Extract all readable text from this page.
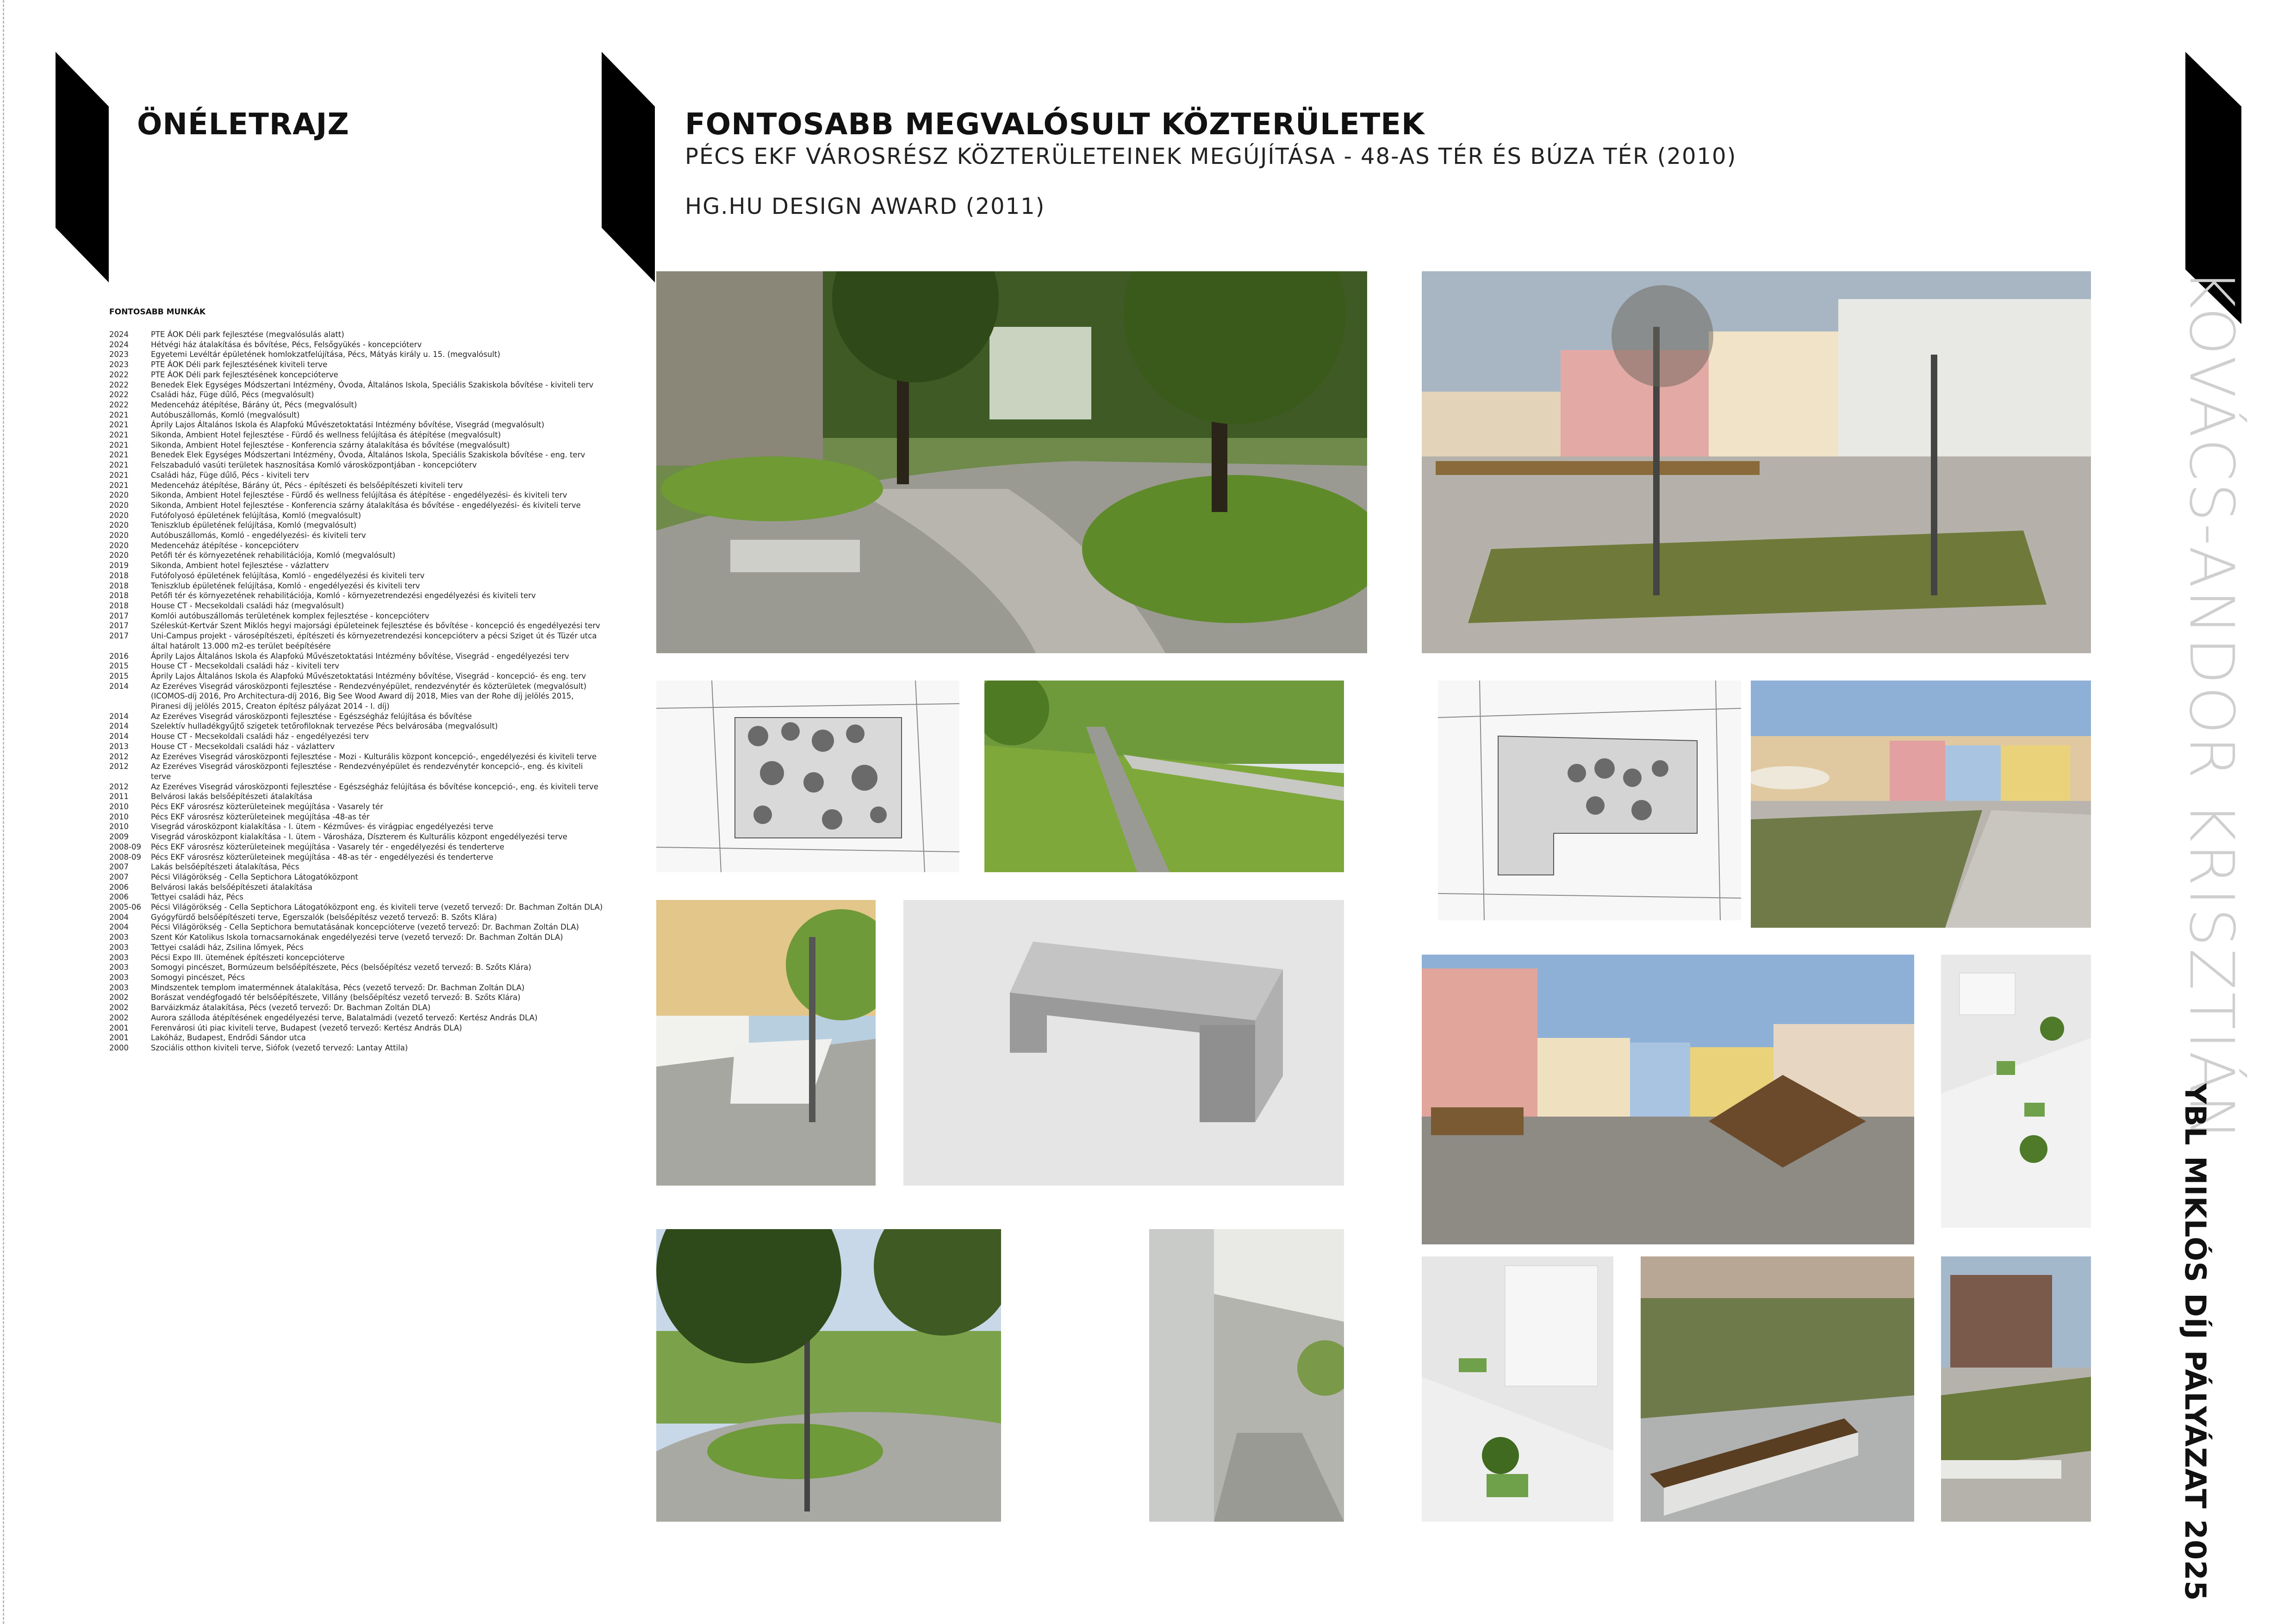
ÖNÉLETRAJZ
FONTOSABB MUNKÁK
2024	PTE ÁOK Déli park fejlesztése (megvalósulás alatt)
2024	Hétvégi ház átalakítása és bővítése, Pécs, Felsőgyükés - koncepcióterv
2023	Egyetemi Levéltár épületének homlokzatfelújítása, Pécs, Mátyás király u. 15. (megvalósult)
2023	PTE ÁOK Déli park fejlesztésének kiviteli terve
2022	PTE ÁOK Déli park fejlesztésének koncepcióterve
2022	Benedek Elek Egységes Módszertani Intézmény, Óvoda, Általános Iskola, Speciális Szakiskola bővítése - kiviteli terv
2022	Családi ház, Füge dűlő, Pécs (megvalósult)
2022	Medencehάz átépítése, Bárány út, Pécs (megvalósult)
2021	Autóbuszállomás, Komló (megvalósult)
2021	Áprily Lajos Általános Iskola és Alapfokú Művészetoktatási Intézmény bővítése, Visegrád (megvalósult)
2021	Sikonda, Ambient Hotel fejlesztése - Fürdő és wellness felújítása és átépítése (megvalósult)
2021	Sikonda, Ambient Hotel fejlesztése - Konferencia szárny átalakítása és bővítése (megvalósult)
2021	Benedek Elek Egységes Módszertani Intézmény, Óvoda, Általános Iskola, Speciális Szakiskola bővítése - eng. terv
2021	Felszabaduló vasúti területek hasznosítása Komló városközpontjában - koncepcióterv
2021	Családi ház, Füge dűlő, Pécs - kiviteli terv
2021	Medencehάz átépítése, Bárány út, Pécs - építészeti és belsőépítészeti kiviteli terv
2020	Sikonda, Ambient Hotel fejlesztése - Fürdő és wellness felújítása és átépítése - engedélyezési- és kiviteli terv
2020	Sikonda, Ambient Hotel fejlesztése - Konferencia szárny átalakítása és bővítése - engedélyezési- és kiviteli terve
2020	Futófolyosó épületének felújítása, Komló (megvalósult)
2020	Teniszklub épületének felújítása, Komló (megvalósult)
2020	Autóbuszállomás, Komló - engedélyezési- és kiviteli terv
2020	Medencehάz átépítése - koncepcióterv
2020	Petőfi tér és környezetének rehabilitációja, Komló (megvalósult)
2019	Sikonda, Ambient hotel fejlesztése - vázlatterv
2018	Futófolyosó épületének felújítása, Komló - engedélyezési és kiviteli terv
2018	Teniszklub épületének felújítása, Komló - engedélyezési és kiviteli terv
2018	Petőfi tér és környezetének rehabilitációja, Komló - környezetrendezési engedélyezési és kiviteli terv
2018	House CT - Mecsekoldali családi ház (megvalósult)
2017	Komlói autóbuszállomás területének komplex fejlesztése - koncepcióterv
2017	Széleskút-Kertvár Szent Miklós hegyi majorsági épületeinek fejlesztése és bővítése - koncepció és engedélyezési terv
2017	Uni-Campus projekt - városépítészeti, építészeti és környezetrendezési koncepcióterv a pécsi Sziget út és Tüzér utca által határolt 13.000 m2-es terület beépítésére
2016	Áprily Lajos Általános Iskola és Alapfokú Művészetoktatási Intézmény bővítése, Visegrád - engedélyezési terv
2015	House CT - Mecsekoldali családi ház - kiviteli terv
2015	Áprily Lajos Általános Iskola és Alapfokú Művészetoktatási Intézmény bővítése, Visegrád - koncepció- és eng. terv
2014	Az Ezeréves Visegrád városközponti fejlesztése - Rendezvényépület, rendezvénytér és közterületek (megvalósult)
(ICOMOS-díj 2016, Pro Architectura-díj 2016, Big See Wood Award díj 2018, Mies van der Rohe díj jelölés 2015, Piranesi díj jelölés 2015, Creaton építész pályázat 2014 - I. díj)
2014	Az Ezeréves Visegrád városközponti fejlesztése - Egészségház felújítása és bővítése
2014	Szelektív hulladékgyűjtő szigetek tetőrofiloknak tervezése Pécs belvárosába (megvalósult)
2014	House CT - Mecsekoldali családi ház - engedélyezési terv
2013	House CT - Mecsekoldali családi ház - vázlatterv
2012	Az Ezeréves Visegrád városközponti fejlesztése - Mozi - Kulturális központ koncepció-, engedélyezési és kiviteli terve
2012	Az Ezeréves Visegrád városközponti fejlesztése - Rendezvényépület és rendezvénytér koncepció-, eng. és kiviteli terve
2012	Az Ezeréves Visegrád városközponti fejlesztése - Egészségház felújítása és bővítése koncepció-, eng. és kiviteli terve
2011	Belvárosi lakás belsőépítészeti átalakítása
2010	Pécs EKF városrész közterületeinek megújítása - Vasarely tér
2010	Pécs EKF városrész közterületeinek megújítása -48-as tér
2010	Visegrád városközpont kialakítása - I. ütem - Kézműves- és virágpiac engedélyezési terve
2009	Visegrád városközpont kialakítása - I. ütem - Városháza, Díszterem és Kulturális központ engedélyezési terve
2008-09	Pécs EKF városrész közterületeinek megújítása - Vasarely tér - engedélyezési és tenderterve
2008-09	Pécs EKF városrész közterületeinek megújítása - 48-as tér - engedélyezési és tenderterve
2007	Lakás belsőépítészeti átalakítása, Pécs
2007	Pécsi Világörökség - Cella Septichora Látogatóközpont
2006	Belvárosi lakás belsőépítészeti átalakítása
2006	Tettyei családi ház, Pécs
2005-06	Pécsi Világörökség - Cella Septichora Látogatóközpont eng. és kiviteli terve (vezető tervező: Dr. Bachman Zoltán DLA)
2004	Gyógyfürdő belsőépítészeti terve, Egerszalók (belsőépítész vezető tervező: B. Szőts Klára)
2004	Pécsi Világörökség - Cella Septichora bemutatásának koncepcióterve (vezető tervező: Dr. Bachman Zoltán DLA)
2003	Szent Kór Katolikus Iskola tornacsarnokának engedélyezési terve (vezető tervező: Dr. Bachman Zoltán DLA)
2003	Tettyei családi ház, Zsilina lőmyek, Pécs
2003	Pécsi Expo III. ütemének építészeti koncepcióterve
2003	Somogyi pincészet, Bormúzeum belsőépítészete, Pécs (belsőépítész vezető tervező: B. Szőts Klára)
2003	Somogyi pincészet, Pécs
2003	Mindszentek templom imaterménnek átalakítása, Pécs (vezető tervező: Dr. Bachman Zoltán DLA)
2002	Borászat vendégfogadó tér belsőépítészete, Villány (belsőépítész vezető tervező: B. Szőts Klára)
2002	Barváizkmáz átalakítása, Pécs (vezető tervező: Dr. Bachman Zoltán DLA)
2002	Aurora szálloda átépítésének engedélyezési terve, Balatalmádi (vezető tervező: Kertész András DLA)
2001	Ferenvárosi úti piac kiviteli terve, Budapest (vezető tervező: Kertész András DLA)
2001	Lakóház, Budapest, Endrődi Sándor utca
2000	Szociális otthon kiviteli terve, Siófok (vezető tervező: Lantay Attila)
FONTOSABB MEGVALÓSULT KÖZTERÜLETEK
PÉCS EKF VÁROSRÉSZ KÖZTERÜLETEINEK MEGÚJÍTÁSA - 48-AS TÉR ÉS BÚZA TÉR (2010)
HG.HU DESIGN AWARD (2011)
KOVÁCS-ANDOR KRISZTIÁN
YBL MIKLÓS DÍJ PÁLYÁZAT 2025
